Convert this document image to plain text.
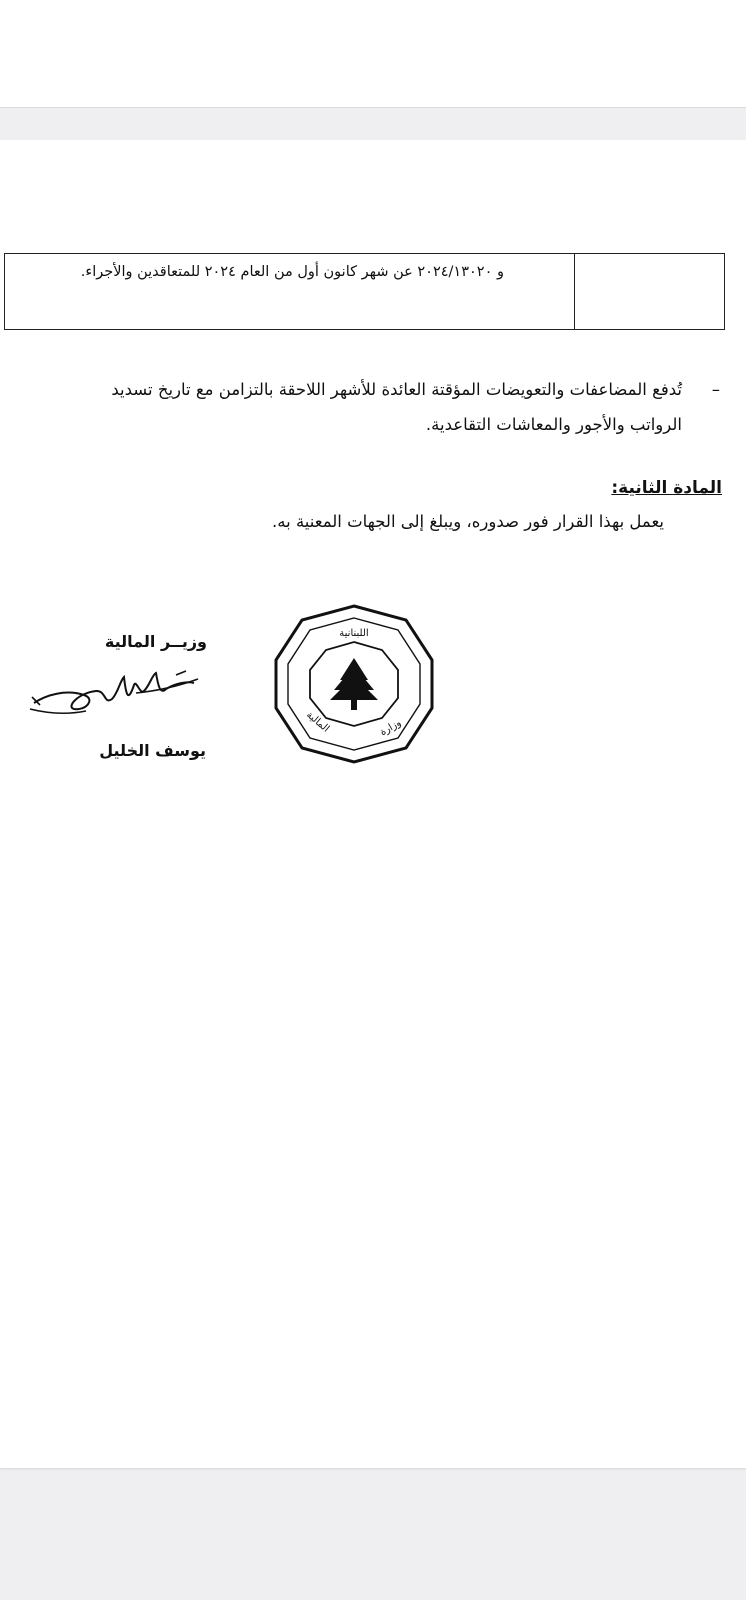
و ٢٠٢٤/١٣٠٢٠ عن شهر كانون أول من العام ٢٠٢٤ للمتعاقدين والأجراء.
–
تُدفع المضاعفات والتعويضات المؤقتة العائدة للأشهر اللاحقة بالتزامن مع تاريخ تسديد الرواتب والأجور والمعاشات التقاعدية.
المادة الثانية:
يعمل بهذا القرار فور صدوره، ويبلغ إلى الجهات المعنية به.
وزيــر المالية
يوسف الخليل
اللبنانية
وزارة
المالية
